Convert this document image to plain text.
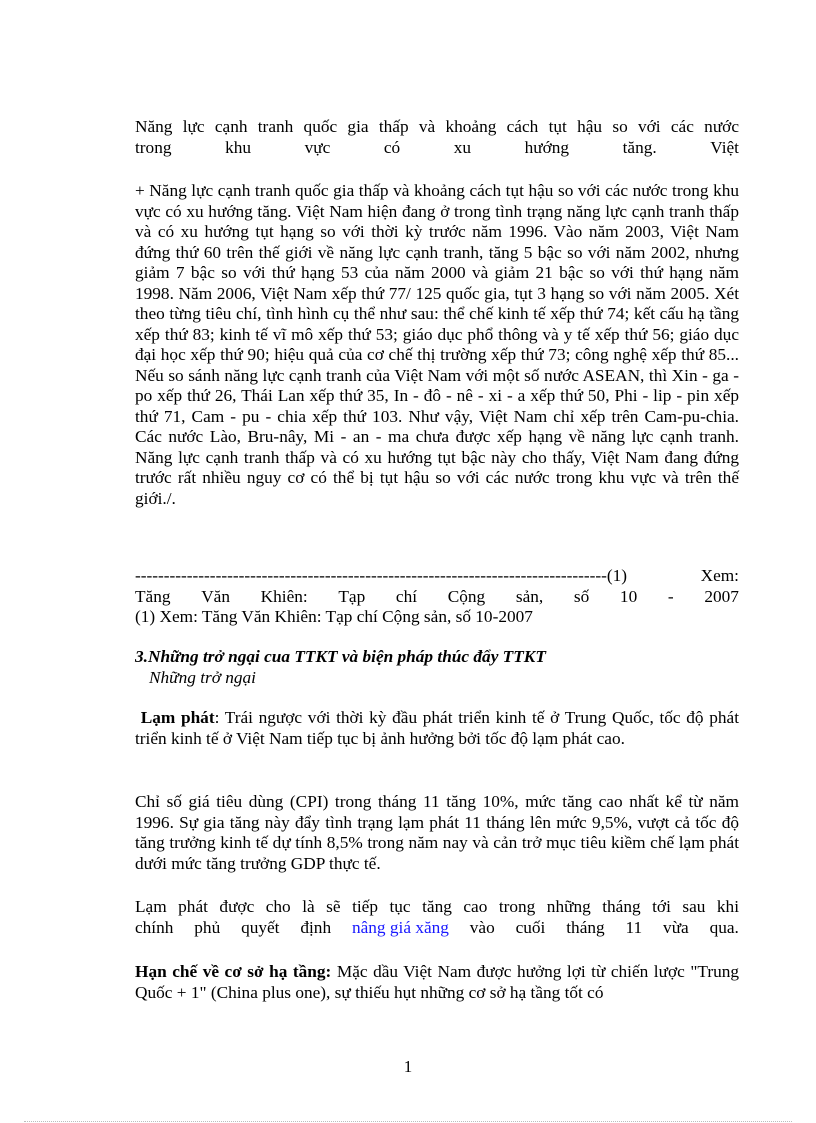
Năng lực cạnh tranh quốc gia thấp và khoảng cách tụt hậu so với các nước

trong	khu	vực	có	xu	hướng	tăng.	Việt

+ Năng lực cạnh tranh quốc gia thấp và khoảng cách tụt hậu so với các nước trong khu vực có xu hướng tăng. Việt Nam hiện đang ở trong tình trạng năng lực cạnh tranh thấp và có xu hướng tụt hạng so với thời kỳ trước năm 1996. Vào năm 2003, Việt Nam đứng thứ 60 trên thế giới về năng lực cạnh tranh, tăng 5 bậc so với năm 2002, nhưng giảm 7 bậc so với thứ hạng 53 của năm 2000 và giảm 21 bậc so với thứ hạng năm 1998. Năm 2006, Việt Nam xếp thứ 77/ 125 quốc gia, tụt 3 hạng so với năm 2005. Xét theo từng tiêu chí, tình hình cụ thể như sau: thể chế kinh tế xếp thứ 74; kết cấu hạ tầng xếp thứ 83; kinh tế vĩ mô xếp thứ 53; giáo dục phổ thông và y tế xếp thứ 56; giáo dục đại học xếp thứ 90; hiệu quả của cơ chế thị trường xếp thứ 73; công nghệ xếp thứ 85... Nếu so sánh năng lực cạnh tranh của Việt Nam với một số nước ASEAN, thì Xin - ga - po xếp thứ 26, Thái Lan xếp thứ 35, In - đô - nê - xi - a xếp thứ 50, Phi - lip - pin xếp thứ 71, Cam - pu - chia xếp thứ 103. Như vậy, Việt Nam chỉ xếp trên Cam-pu-chia. Các nước Lào, Bru-nây, Mi - an - ma chưa được xếp hạng về năng lực cạnh tranh. Năng lực cạnh tranh thấp và có xu hướng tụt bậc này cho thấy, Việt Nam đang đứng trước rất nhiều nguy cơ có thể bị tụt hậu so với các nước trong khu vực và trên thế giới./.

----------------------------------------------------------------------------------(1)	Xem:
Tăng Văn Khiên: Tạp chí Cộng sản, số 10 - 2007

(1) Xem: Tăng Văn Khiên: Tạp chí Cộng sản, số 10-2007

3.Những trở ngại cua TTKT và biện pháp thúc đẩy TTKT

Những trở ngại

Lạm phát: Trái ngược với thời kỳ đầu phát triển kinh tế ở Trung Quốc, tốc độ phát triển kinh tế ở Việt Nam tiếp tục bị ảnh hưởng bởi tốc độ lạm phát cao.

Chỉ số giá tiêu dùng (CPI) trong tháng 11 tăng 10%, mức tăng cao nhất kể từ năm 1996. Sự gia tăng này đẩy tình trạng lạm phát 11 tháng lên mức 9,5%, vượt cả tốc độ tăng trưởng kinh tế dự tính 8,5% trong năm nay và cản trở mục tiêu kiềm chế lạm phát dưới mức tăng trưởng GDP thực tế.

Lạm phát được cho là sẽ tiếp tục tăng cao trong những tháng tới sau khi

chính phủ quyết định nâng giá xăng vào cuối tháng 11 vừa qua.

Hạn chế về cơ sở hạ tầng: Mặc dầu Việt Nam được hưởng lợi từ chiến lược "Trung Quốc + 1" (China plus one), sự thiếu hụt những cơ sở hạ tầng tốt có

1
